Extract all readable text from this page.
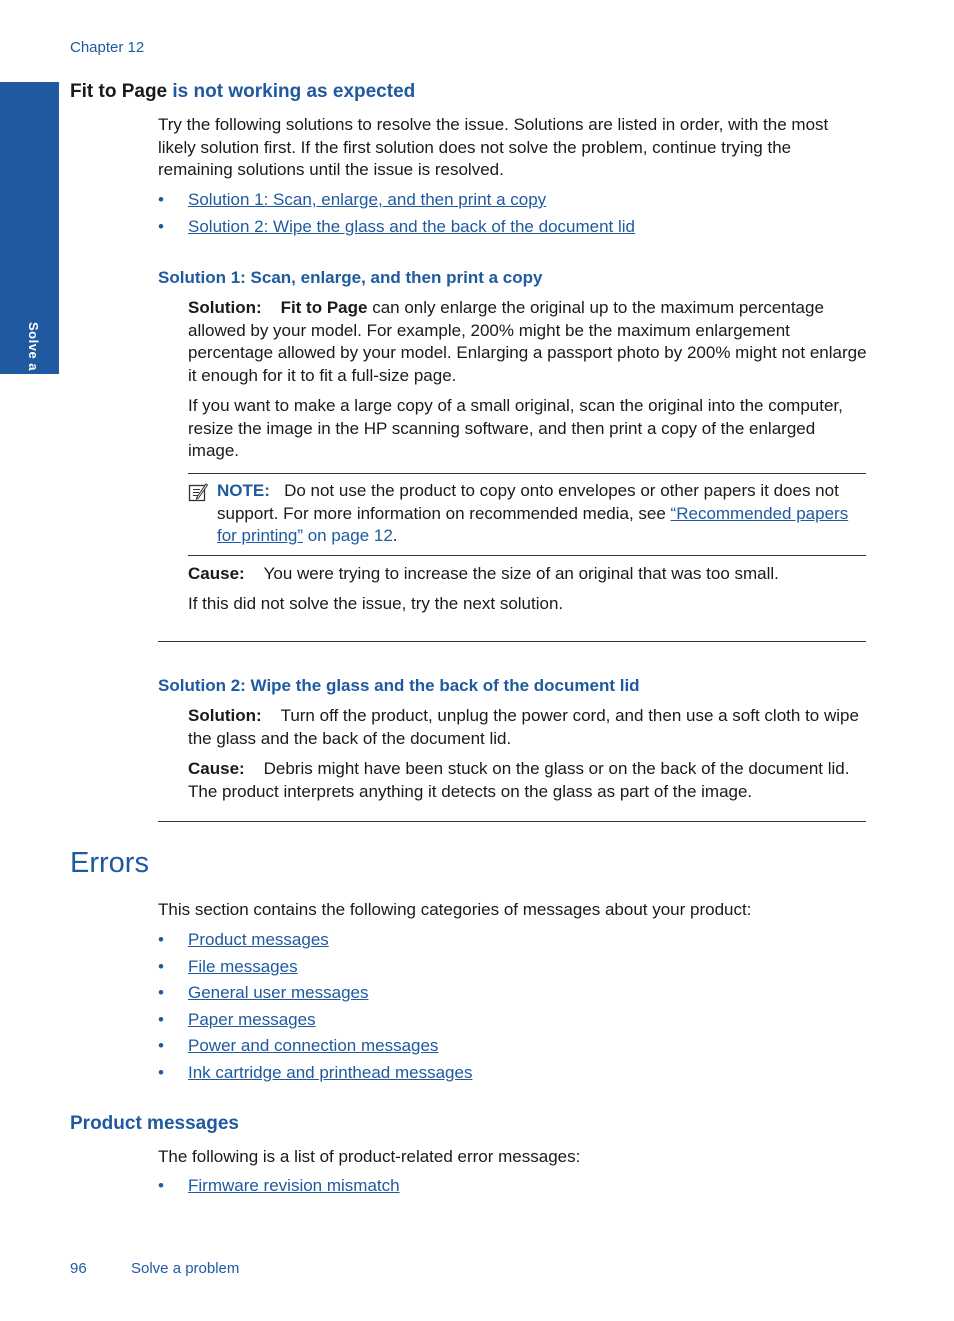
Chapter 12
Solve a problem
Fit to Page is not working as expected

Try the following solutions to resolve the issue. Solutions are listed in order, with the most likely solution first. If the first solution does not solve the problem, continue trying the remaining solutions until the issue is resolved.

• Solution 1: Scan, enlarge, and then print a copy
• Solution 2: Wipe the glass and the back of the document lid
Solution 1: Scan, enlarge, and then print a copy

Solution: Fit to Page can only enlarge the original up to the maximum percentage allowed by your model. For example, 200% might be the maximum enlargement percentage allowed by your model. Enlarging a passport photo by 200% might not enlarge it enough for it to fit a full-size page.

If you want to make a large copy of a small original, scan the original into the computer, resize the image in the HP scanning software, and then print a copy of the enlarged image.

NOTE: Do not use the product to copy onto envelopes or other papers it does not support. For more information on recommended media, see “Recommended papers for printing” on page 12.

Cause: You were trying to increase the size of an original that was too small.

If this did not solve the issue, try the next solution.

Solution 2: Wipe the glass and the back of the document lid

Solution: Turn off the product, unplug the power cord, and then use a soft cloth to wipe the glass and the back of the document lid.

Cause: Debris might have been stuck on the glass or on the back of the document lid. The product interprets anything it detects on the glass as part of the image.

Errors

This section contains the following categories of messages about your product:

• Product messages
• File messages
• General user messages
• Paper messages
• Power and connection messages
• Ink cartridge and printhead messages
Product messages

The following is a list of product-related error messages:

• Firmware revision mismatch
96	Solve a problem
